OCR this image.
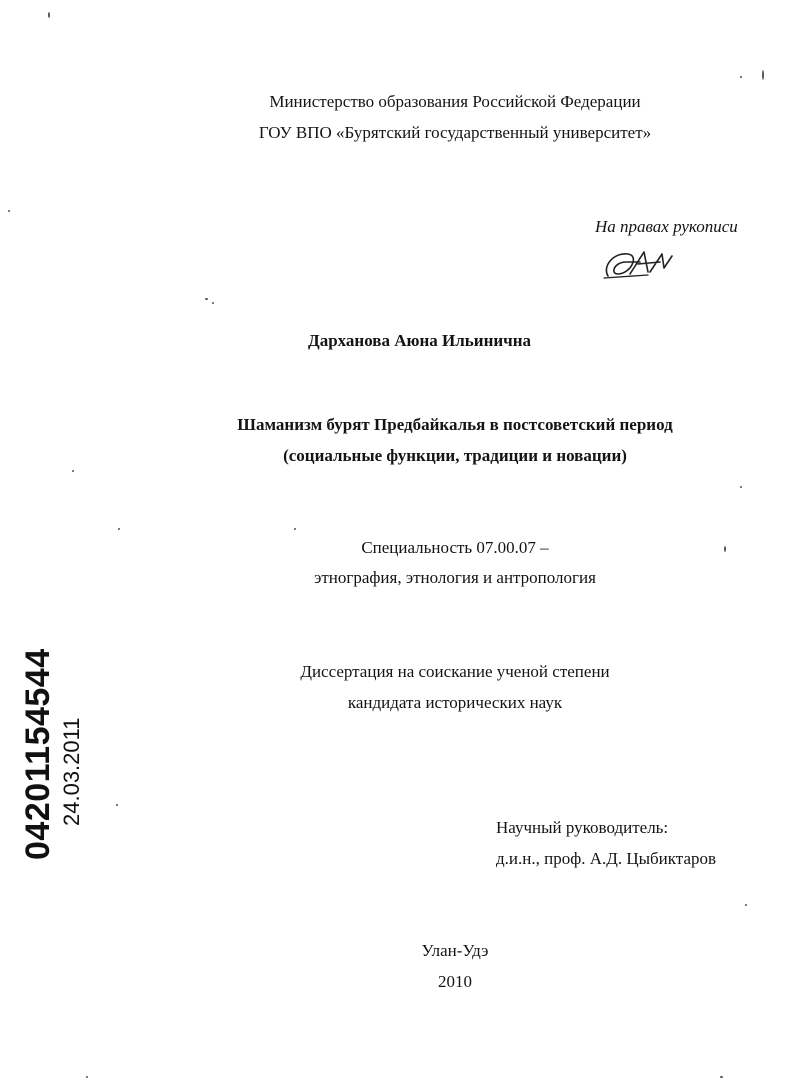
Министерство образования Российской Федерации
ГОУ ВПО «Бурятский государственный университет»
На правах рукописи
Дарханова Аюна Ильинична
Шаманизм бурят Предбайкалья в постсоветский период
(социальные функции, традиции и новации)
Специальность 07.00.07 –
этнография, этнология и антропология
Диссертация на соискание ученой степени
кандидата исторических наук
Научный руководитель:
д.и.н., проф. А.Д. Цыбиктаров
Улан-Удэ
2010
04201154544 24.03.2011
